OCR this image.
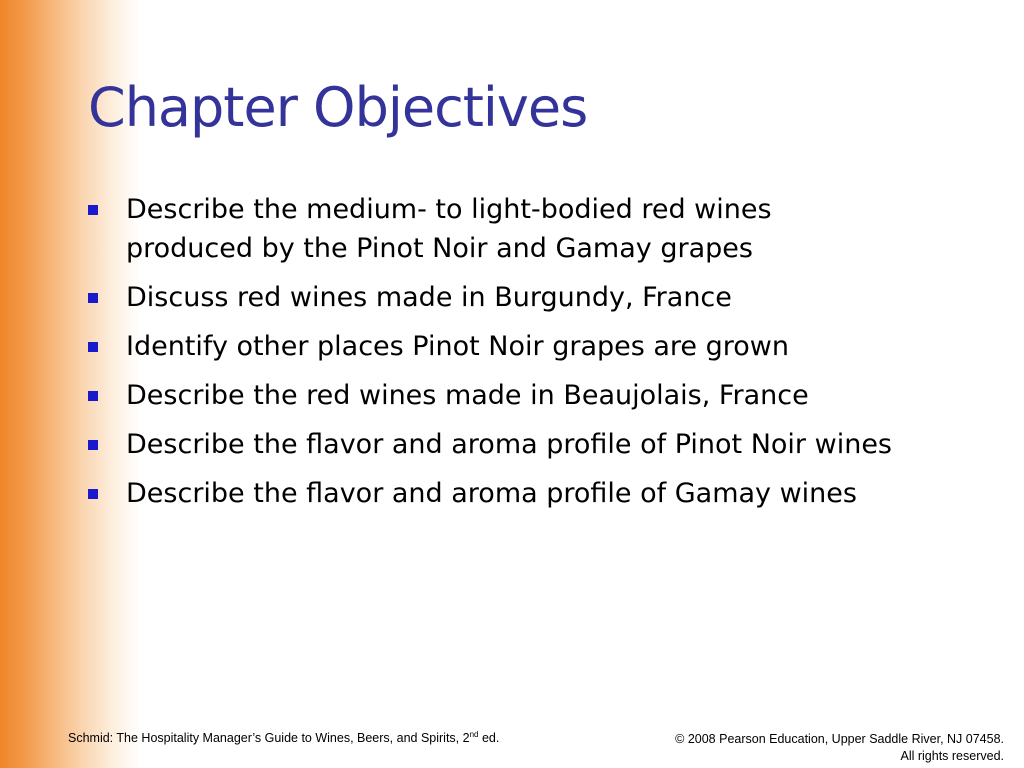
Chapter Objectives
Describe the medium- to light-bodied red wines
produced by the Pinot Noir and Gamay grapes
Discuss red wines made in Burgundy, France
Identify other places Pinot Noir grapes are grown
Describe the red wines made in Beaujolais, France
Describe the flavor and aroma profile of Pinot Noir wines
Describe the flavor and aroma profile of Gamay wines
Schmid: The Hospitality Manager’s Guide to Wines, Beers, and Spirits, 2nd ed.	© 2008 Pearson Education, Upper Saddle River, NJ 07458.
All rights reserved.
